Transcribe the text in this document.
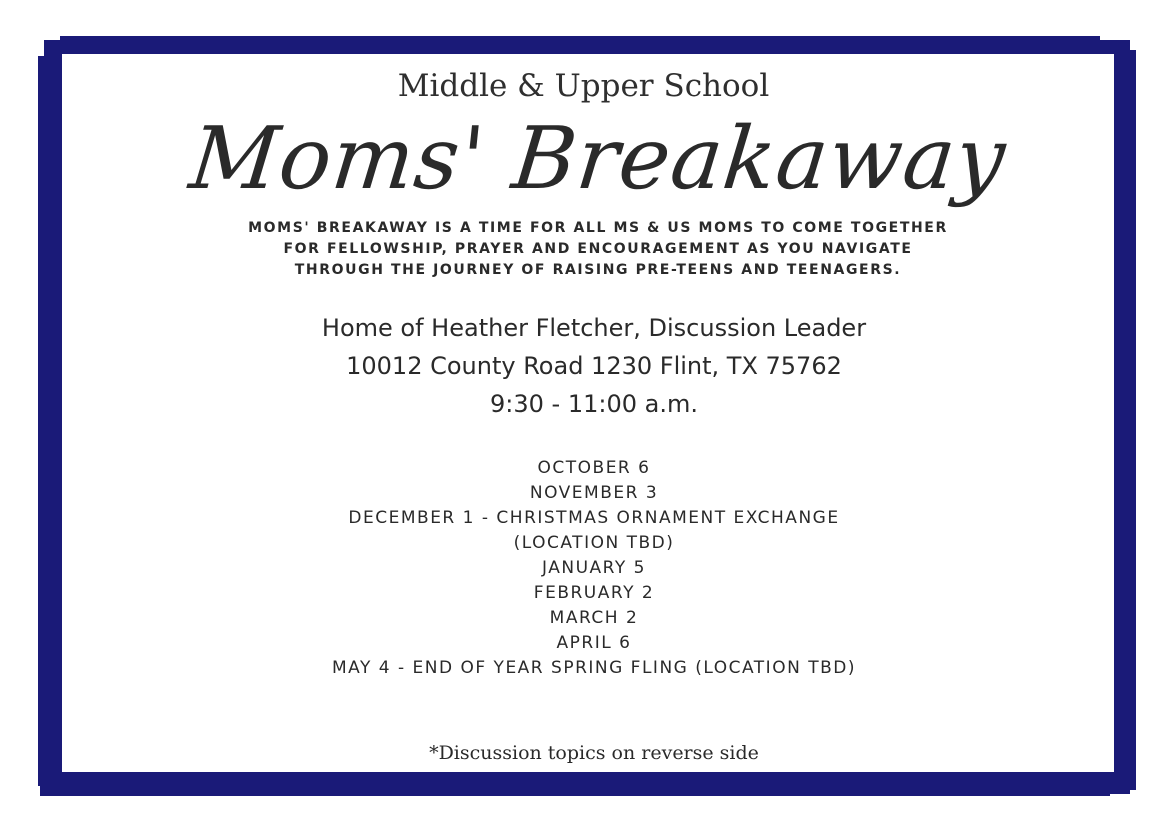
Middle & Upper School
Moms' Breakaway
MOMS' BREAKAWAY IS A TIME FOR ALL MS & US MOMS TO COME TOGETHER
FOR FELLOWSHIP, PRAYER AND ENCOURAGEMENT AS YOU NAVIGATE
THROUGH THE JOURNEY OF RAISING PRE-TEENS AND TEENAGERS.
Home of Heather Fletcher, Discussion Leader
10012 County Road 1230 Flint, TX 75762
9:30 - 11:00 a.m.
OCTOBER 6
NOVEMBER 3
DECEMBER 1 - CHRISTMAS ORNAMENT EXCHANGE
(LOCATION TBD)
JANUARY 5
FEBRUARY 2
MARCH 2
APRIL 6
MAY 4 - END OF YEAR SPRING FLING (LOCATION TBD)
*Discussion topics on reverse side
